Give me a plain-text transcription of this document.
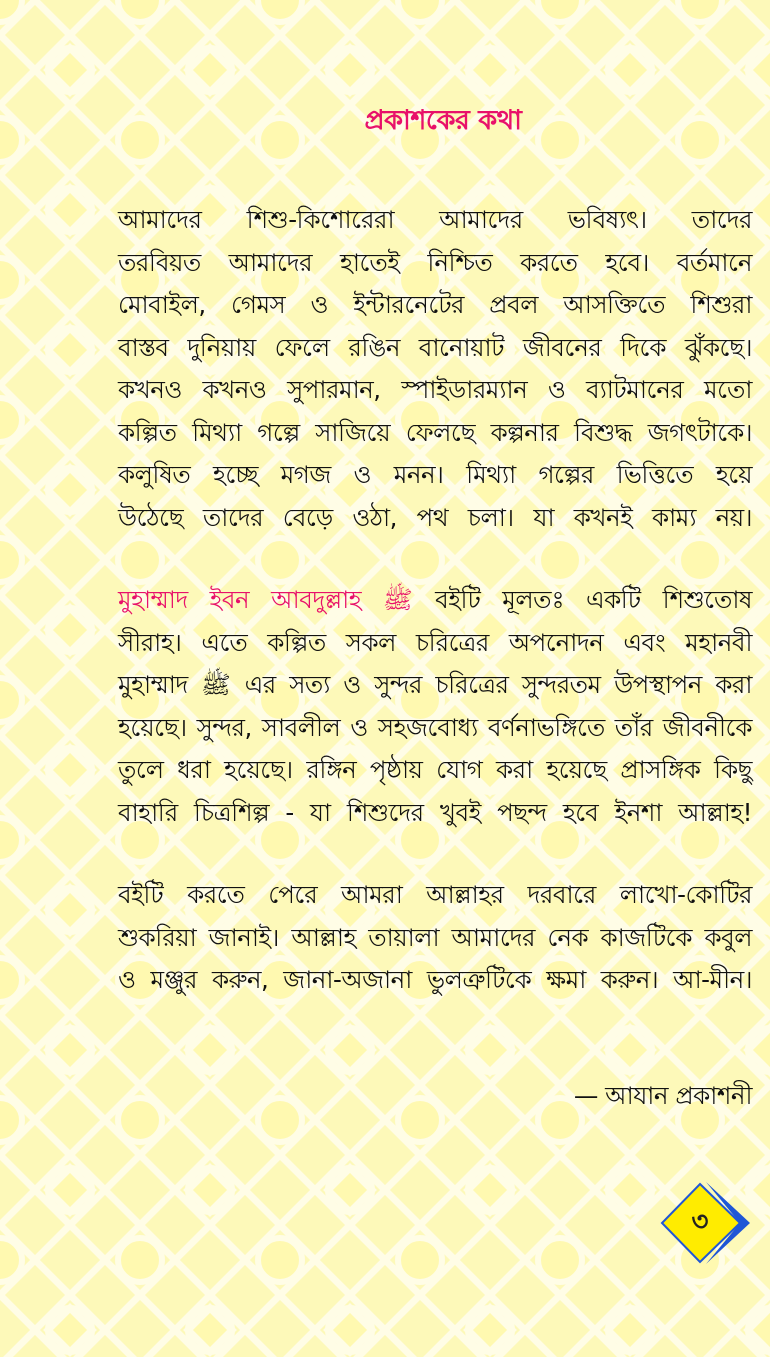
প্রকাশকের কথা
আমাদের শিশু-কিশোরেরা আমাদের ভবিষ্যৎ। তাদের
তরবিয়ত আমাদের হাতেই নিশ্চিত করতে হবে। বর্তমানে
মোবাইল, গেমস ও ইন্টারনেটের প্রবল আসক্তিতে শিশুরা
বাস্তব দুনিয়ায় ফেলে রঙিন বানোয়াট জীবনের দিকে ঝুঁকছে।
কখনও কখনও সুপারমান, স্পাইডারম্যান ও ব্যাটমানের মতো
কল্পিত মিথ্যা গল্পে সাজিয়ে ফেলছে কল্পনার বিশুদ্ধ জগৎটাকে।
কলুষিত হচ্ছে মগজ ও মনন। মিথ্যা গল্পের ভিত্তিতে হয়ে
উঠেছে তাদের বেড়ে ওঠা, পথ চলা। যা কখনই কাম্য নয়।
মুহাম্মাদ ইবন আবদুল্লাহ ﷺ বইটি মূলতঃ একটি শিশুতোষ
সীরাহ। এতে কল্পিত সকল চরিত্রের অপনোদন এবং মহানবী
মুহাম্মাদ ﷺ এর সত্য ও সুন্দর চরিত্রের সুন্দরতম উপস্থাপন করা
হয়েছে। সুন্দর, সাবলীল ও সহজবোধ্য বর্ণনাভঙ্গিতে তাঁর জীবনীকে
তুলে ধরা হয়েছে। রঙ্গিন পৃষ্ঠায় যোগ করা হয়েছে প্রাসঙ্গিক কিছু
বাহারি চিত্রশিল্প - যা শিশুদের খুবই পছন্দ হবে ইনশা আল্লাহ!
বইটি করতে পেরে আমরা আল্লাহর দরবারে লাখো-কোটির
শুকরিয়া জানাই। আল্লাহ তায়ালা আমাদের নেক কাজটিকে কবুল
ও মঞ্জুর করুন, জানা-অজানা ভুলত্রুটিকে ক্ষমা করুন। আ-মীন।
— আযান প্রকাশনী
৩
